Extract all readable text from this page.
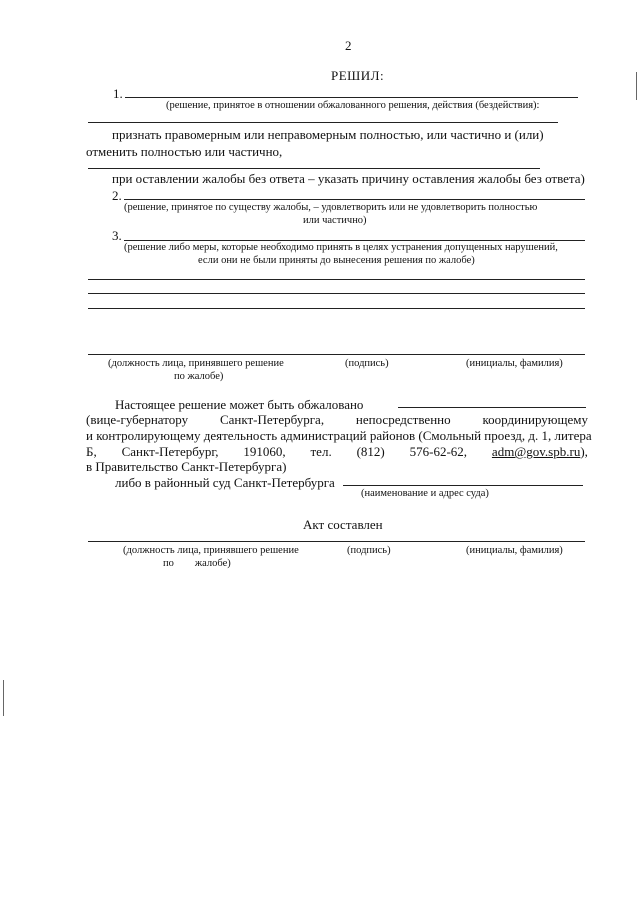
2
РЕШИЛ:
1.
(решение, принятое в отношении обжалованного решения, действия (бездействия):
признать правомерным или неправомерным полностью, или частично и (или)
отменить полностью или частично,
при оставлении жалобы без ответа – указать причину оставления жалобы без ответа)
2.
(решение, принятое по существу жалобы, – удовлетворить или не удовлетворить полностью
или частично)
3.
(решение либо меры, которые необходимо принять в целях устранения допущенных нарушений,
если они не были приняты до вынесения решения по жалобе)
(должность лица, принявшего решение
по жалобе)
(подпись)	(инициалы, фамилия)
Настоящее решение может быть обжаловано
(вице-губернатору Санкт-Петербурга, непосредственно координирующему
и контролирующему деятельность администраций районов (Смольный проезд, д. 1, литера
Б, Санкт-Петербург, 191060, тел. (812) 576-62-62, adm@gov.spb.ru),
в Правительство Санкт-Петербурга)
либо в районный суд Санкт-Петербурга
(наименование и адрес суда)
Акт составлен
(должность лица, принявшего решение
по        жалобе)
(подпись)	(инициалы, фамилия)
